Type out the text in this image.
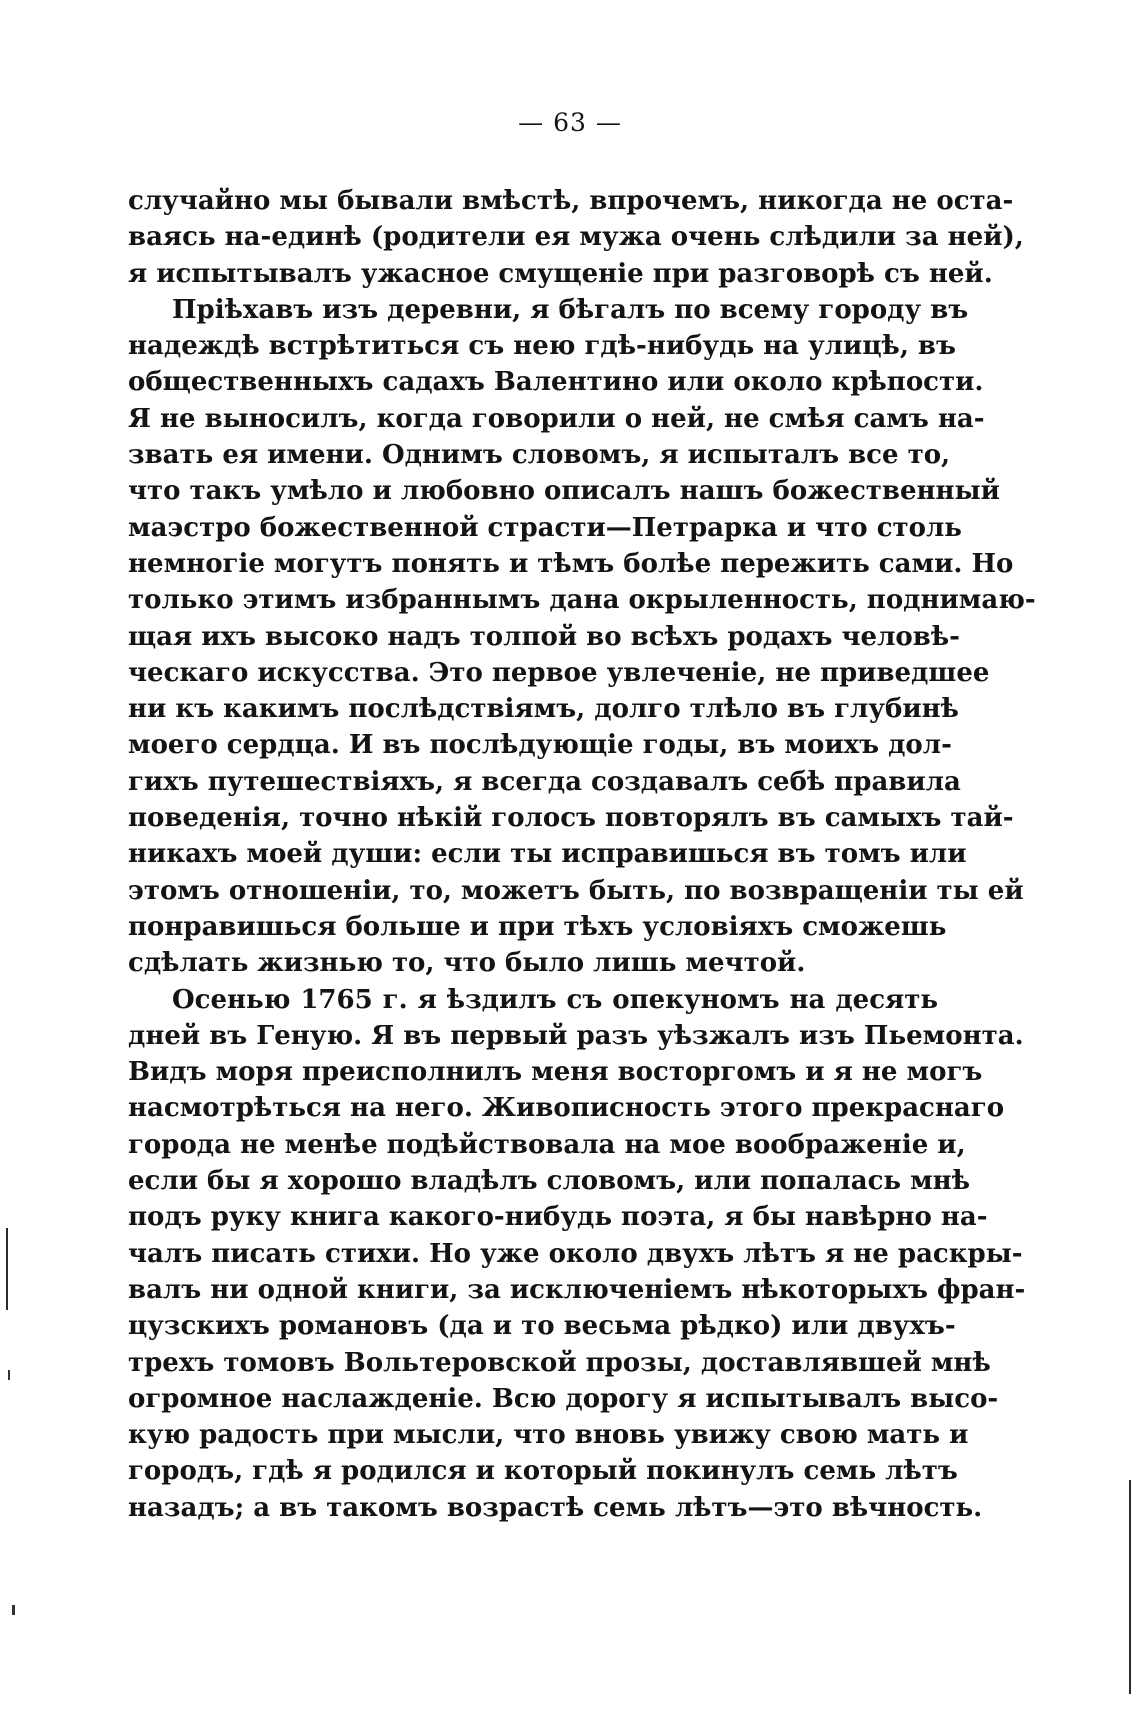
— 63 —
случайно мы бывали вмѣстѣ, впрочемъ, никогда не оста-
ваясь на-единѣ (родители ея мужа очень слѣдили за ней),
я испытывалъ ужасное смущеніе при разговорѣ съ ней.
Пріѣхавъ изъ деревни, я бѣгалъ по всему городу въ
надеждѣ встрѣтиться съ нею гдѣ-нибудь на улицѣ, въ
общественныхъ садахъ Валентино или около крѣпости.
Я не выносилъ, когда говорили о ней, не смѣя самъ на-
звать ея имени. Однимъ словомъ, я испыталъ все то,
что такъ умѣло и любовно описалъ нашъ божественный
маэстро божественной страсти—Петрарка и что столь
немногіе могутъ понять и тѣмъ болѣе пережить сами. Но
только этимъ избраннымъ дана окрыленность, поднимаю-
щая ихъ высоко надъ толпой во всѣхъ родахъ человѣ-
ческаго искусства. Это первое увлеченіе, не приведшее
ни къ какимъ послѣдствіямъ, долго тлѣло въ глубинѣ
моего сердца. И въ послѣдующіе годы, въ моихъ дол-
гихъ путешествіяхъ, я всегда создавалъ себѣ правила
поведенія, точно нѣкій голосъ повторялъ въ самыхъ тай-
никахъ моей души: если ты исправишься въ томъ или
этомъ отношеніи, то, можетъ быть, по возвращеніи ты ей
понравишься больше и при тѣхъ условіяхъ сможешь
сдѣлать жизнью то, что было лишь мечтой.
Осенью 1765 г. я ѣздилъ съ опекуномъ на десять
дней въ Геную. Я въ первый разъ уѣзжалъ изъ Пьемонта.
Видъ моря преисполнилъ меня восторгомъ и я не могъ
насмотрѣться на него. Живописность этого прекраснаго
города не менѣе подѣйствовала на мое воображеніе и,
если бы я хорошо владѣлъ словомъ, или попалась мнѣ
подъ руку книга какого-нибудь поэта, я бы навѣрно на-
чалъ писать стихи. Но уже около двухъ лѣтъ я не раскры-
валъ ни одной книги, за исключеніемъ нѣкоторыхъ фран-
цузскихъ романовъ (да и то весьма рѣдко) или двухъ-
трехъ томовъ Вольтеровской прозы, доставлявшей мнѣ
огромное наслажденіе. Всю дорогу я испытывалъ высо-
кую радость при мысли, что вновь увижу свою мать и
городъ, гдѣ я родился и который покинулъ семь лѣтъ
назадъ; а въ такомъ возрастѣ семь лѣтъ—это вѣчность.
